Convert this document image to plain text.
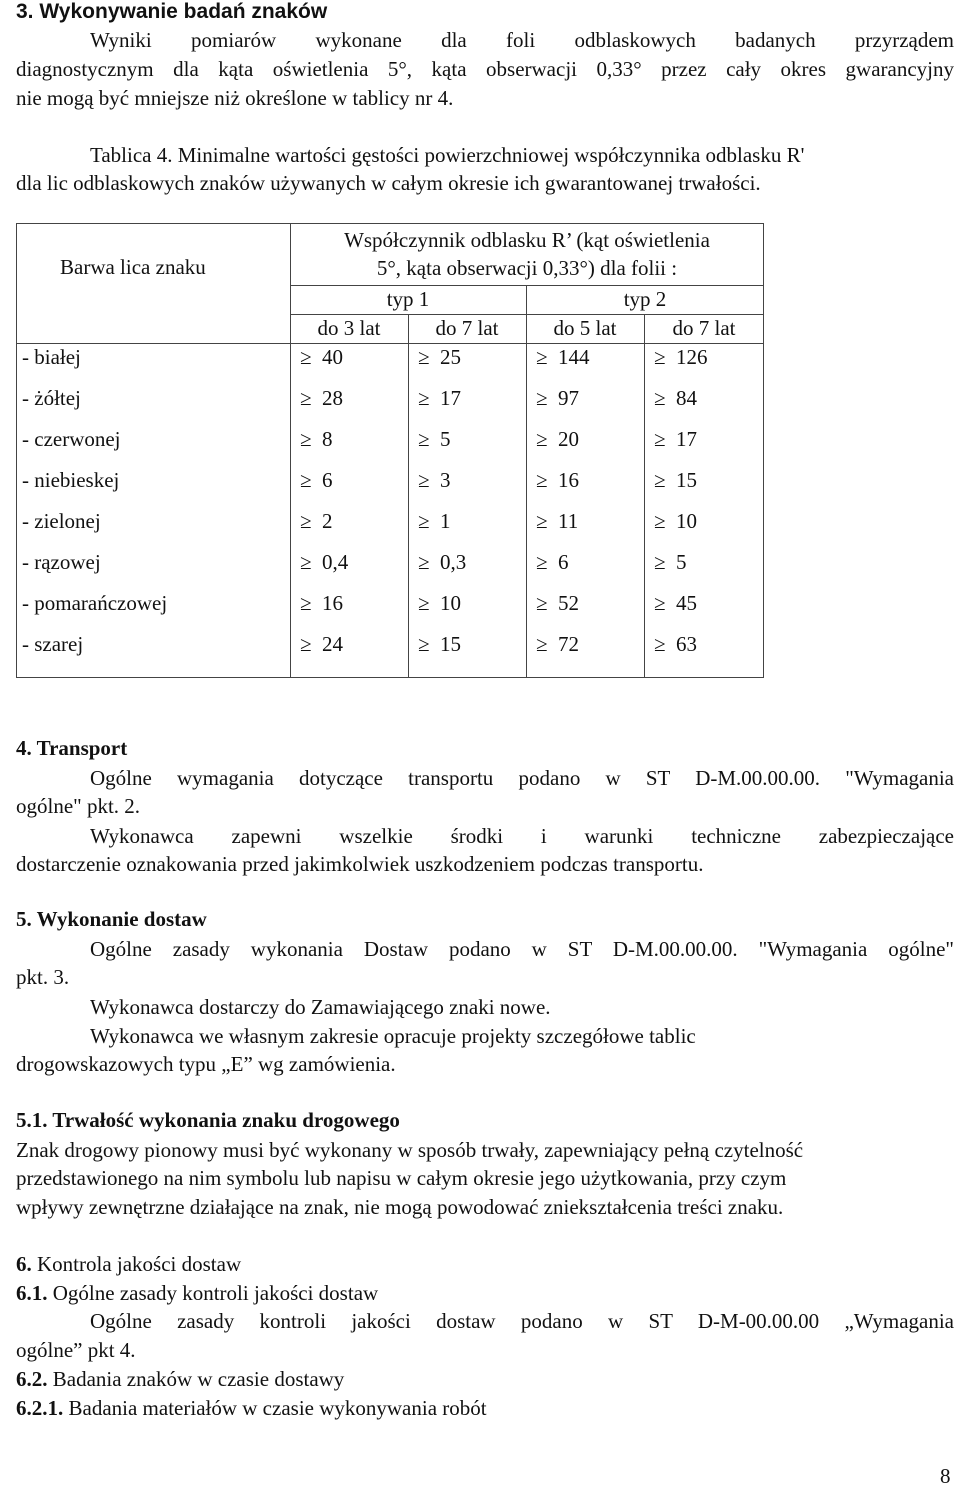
3. Wykonywanie badań znaków
Wyniki pomiarów wykonane dla foli odblaskowych badanych przyrządem
diagnostycznym dla kąta oświetlenia 5°, kąta obserwacji 0,33° przez cały okres gwarancyjny
nie mogą być mniejsze niż określone w tablicy nr 4.
Tablica 4. Minimalne wartości gęstości powierzchniowej współczynnika odblasku R'
dla lic odblaskowych znaków używanych w całym okresie ich gwarantowanej trwałości.
Barwa lica znaku
Współczynnik odblasku R’ (kąt oświetlenia
5°, kąta obserwacji 0,33°) dla folii :
typ 1	typ 2
do 3 lat	do 7 lat	do 5 lat	do 7 lat
- białej	≥ 40	≥ 25	≥ 144	≥ 126
- żółtej	≥ 28	≥ 17	≥ 97	≥ 84
- czerwonej	≥ 8	≥ 5	≥ 20	≥ 17
- niebieskej	≥ 6	≥ 3	≥ 16	≥ 15
- zielonej	≥ 2	≥ 1	≥ 11	≥ 10
- rązowej	≥ 0,4	≥ 0,3	≥ 6	≥ 5
- pomarańczowej	≥ 16	≥ 10	≥ 52	≥ 45
- szarej	≥ 24	≥ 15	≥ 72	≥ 63
4. Transport
Ogólne wymagania dotyczące transportu podano w ST D-M.00.00.00. "Wymagania
ogólne" pkt. 2.
Wykonawca zapewni wszelkie środki i warunki techniczne zabezpieczające
dostarczenie oznakowania przed jakimkolwiek uszkodzeniem podczas transportu.
5. Wykonanie dostaw
Ogólne zasady wykonania Dostaw podano w ST D-M.00.00.00. "Wymagania ogólne"
pkt. 3.
Wykonawca dostarczy do Zamawiającego znaki nowe.
Wykonawca we własnym zakresie opracuje projekty szczegółowe tablic
drogowskazowych typu „E” wg zamówienia.
5.1. Trwałość wykonania znaku drogowego
Znak drogowy pionowy musi być wykonany w sposób trwały, zapewniający pełną czytelność
przedstawionego na nim symbolu lub napisu w całym okresie jego użytkowania, przy czym
wpływy zewnętrzne działające na znak, nie mogą powodować zniekształcenia treści znaku.
6. Kontrola jakości dostaw
6.1. Ogólne zasady kontroli jakości dostaw
Ogólne zasady kontroli jakości dostaw podano w ST D-M-00.00.00 „Wymagania
ogólne” pkt 4.
6.2. Badania znaków w czasie dostawy
6.2.1. Badania materiałów w czasie wykonywania robót
8
